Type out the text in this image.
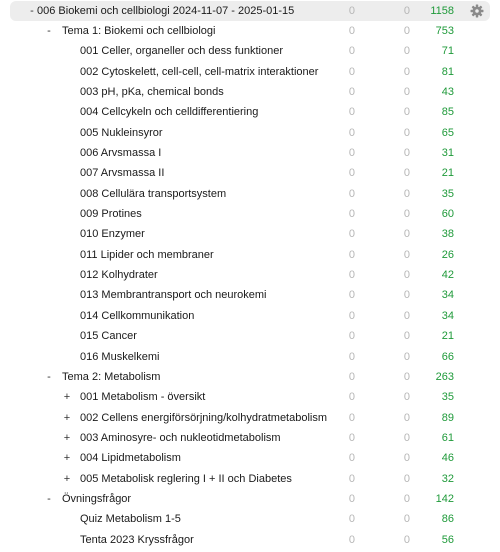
- 006 Biokemi och cellbiologi 2024-11-07 - 2025-01-15	0	0	1158
-	Tema 1: Biokemi och cellbiologi	0	0	753
001 Celler, organeller och dess funktioner	0	0	71
002 Cytoskelett, cell-cell, cell-matrix interaktioner	0	0	81
003 pH, pKa, chemical bonds	0	0	43
004 Cellcykeln och celldifferentiering	0	0	85
005 Nukleinsyror	0	0	65
006 Arvsmassa I	0	0	31
007 Arvsmassa II	0	0	21
008 Cellulära transportsystem	0	0	35
009 Protines	0	0	60
010 Enzymer	0	0	38
011 Lipider och membraner	0	0	26
012 Kolhydrater	0	0	42
013 Membrantransport och neurokemi	0	0	34
014 Cellkommunikation	0	0	34
015 Cancer	0	0	21
016 Muskelkemi	0	0	66
-	Tema 2: Metabolism	0	0	263
+ 001 Metabolism - översikt	0	0	35
+ 002 Cellens energiförsörjning/kolhydratmetabolism	0	0	89
+ 003 Aminosyre- och nukleotidmetabolism	0	0	61
+ 004 Lipidmetabolism	0	0	46
+ 005 Metabolisk reglering I + II och Diabetes	0	0	32
-	Övningsfrågor	0	0	142
Quiz Metabolism 1-5	0	0	86
Tenta 2023 Kryssfrågor	0	0	56
